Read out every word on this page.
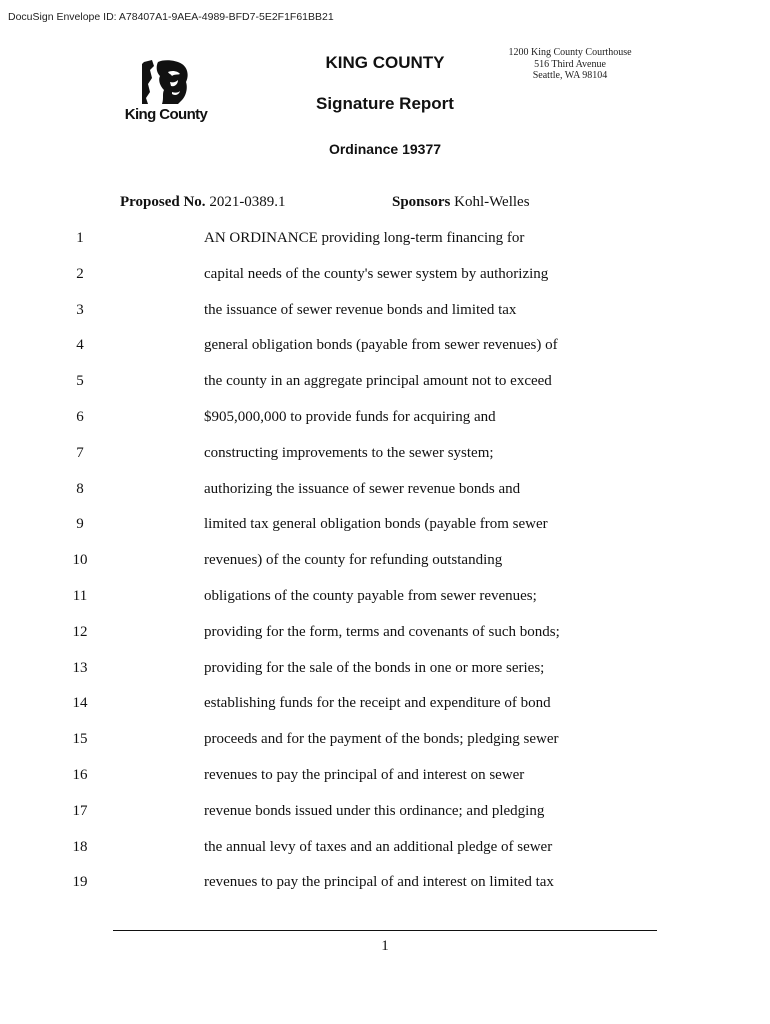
DocuSign Envelope ID: A78407A1-9AEA-4989-BFD7-5E2F1F61BB21
King County
KING COUNTY
Signature Report
Ordinance 19377
1200 King County Courthouse
516 Third Avenue
Seattle, WA 98104
Proposed No. 2021-0389.1	Sponsors Kohl-Welles
1	AN ORDINANCE providing long-term financing for
2	capital needs of the county's sewer system by authorizing
3	the issuance of sewer revenue bonds and limited tax
4	general obligation bonds (payable from sewer revenues) of
5	the county in an aggregate principal amount not to exceed
6	$905,000,000 to provide funds for acquiring and
7	constructing improvements to the sewer system;
8	authorizing the issuance of sewer revenue bonds and
9	limited tax general obligation bonds (payable from sewer
10	revenues) of the county for refunding outstanding
11	obligations of the county payable from sewer revenues;
12	providing for the form, terms and covenants of such bonds;
13	providing for the sale of the bonds in one or more series;
14	establishing funds for the receipt and expenditure of bond
15	proceeds and for the payment of the bonds; pledging sewer
16	revenues to pay the principal of and interest on sewer
17	revenue bonds issued under this ordinance; and pledging
18	the annual levy of taxes and an additional pledge of sewer
19	revenues to pay the principal of and interest on limited tax
1
